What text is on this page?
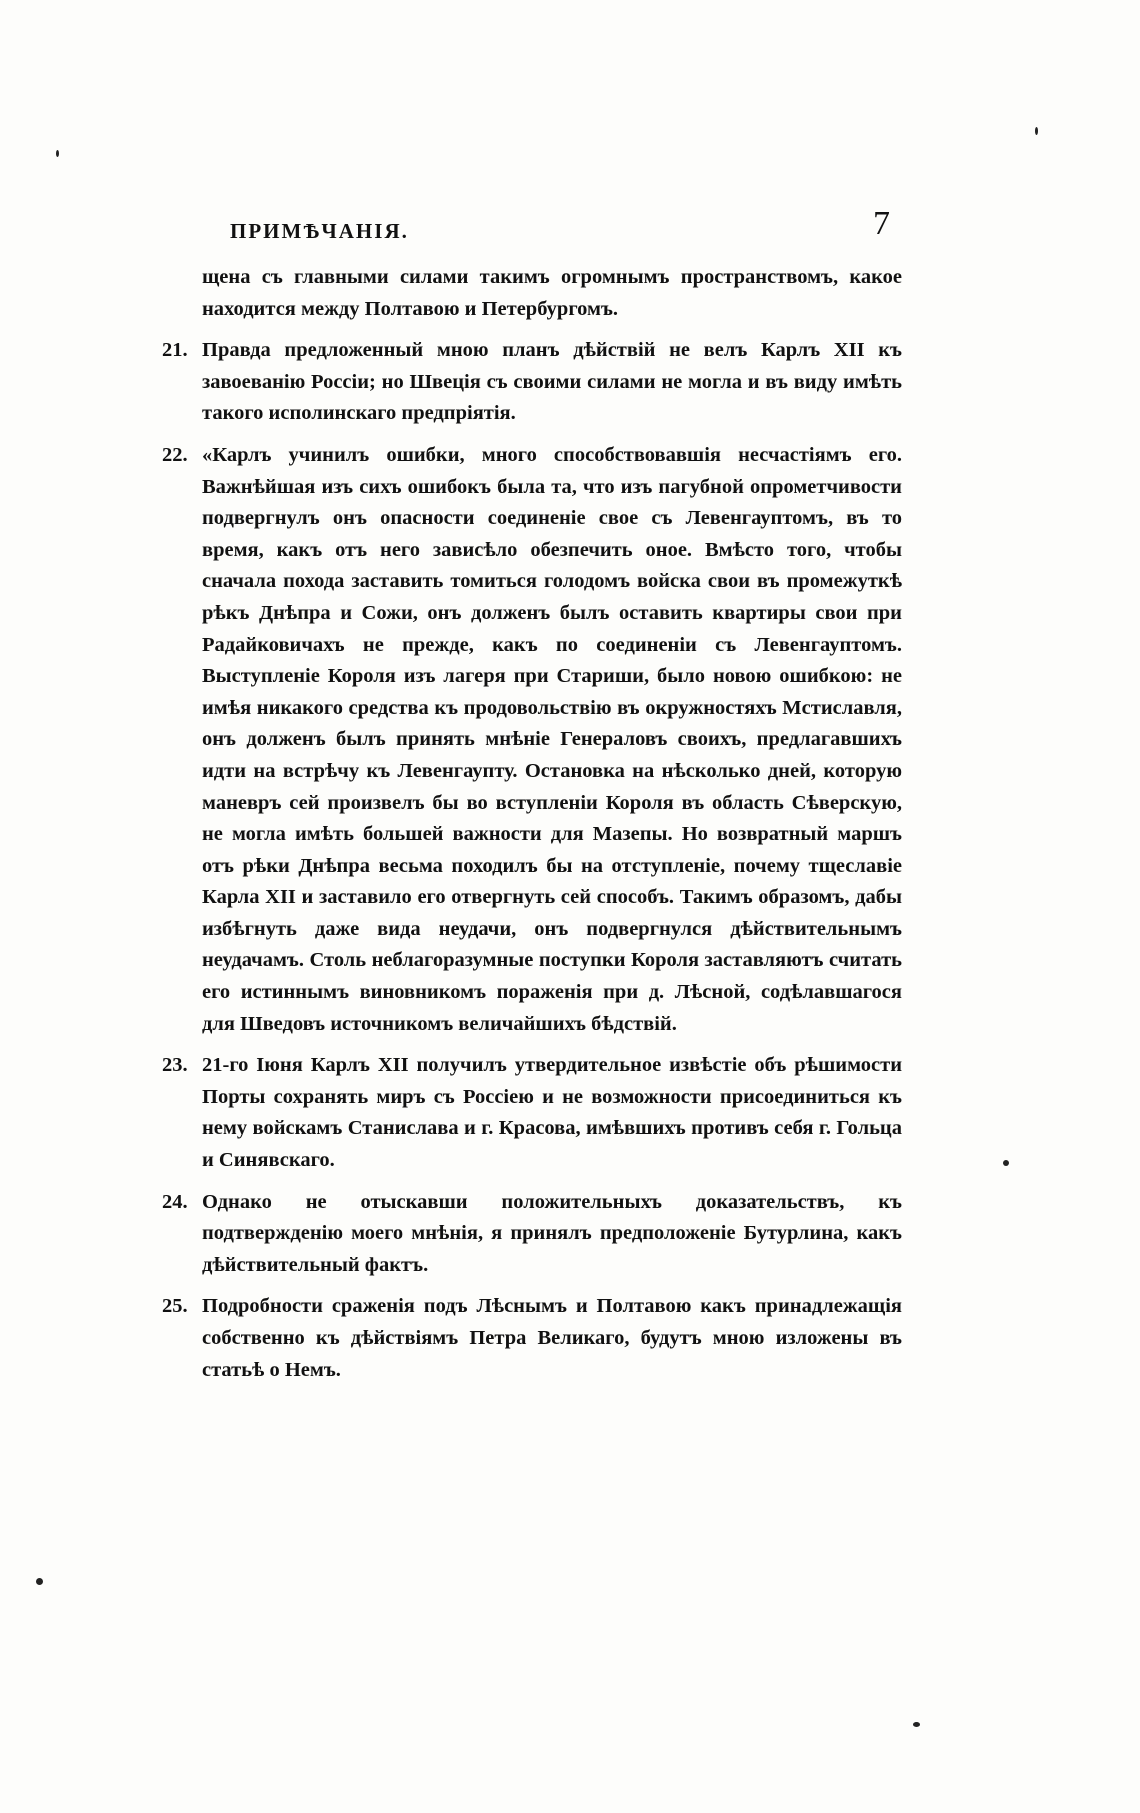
ПРИМѢЧАНІЯ.	7

щена съ главными силами такимъ огромнымъ пространствомъ, какое находится между Полтавою и Петербургомъ.

21. Правда предложенный мною планъ дѣйствій не велъ Карлъ XII къ завоеванію Россіи; но Швеція съ своими силами не могла и въ виду имѣть такого исполинскаго предпріятія.

22. «Карлъ учинилъ ошибки, много способствовавшія несчастіямъ его. Важнѣйшая изъ сихъ ошибокъ была та, что изъ пагубной опрометчивости подвергнулъ онъ опасности соединеніе свое съ Левенгауптомъ, въ то время, какъ отъ него зависѣло обезпечить оное. Вмѣсто того, чтобы сначала похода заставить томиться голодомъ войска свои въ промежуткѣ рѣкъ Днѣпра и Сожи, онъ долженъ былъ оставить квартиры свои при Радайковичахъ не прежде, какъ по соединеніи съ Левенгауптомъ. Выступленіе Короля изъ лагеря при Стариши, было новою ошибкою: не имѣя никакого средства къ продовольствію въ окружностяхъ Мстиславля, онъ долженъ былъ принять мнѣніе Генераловъ своихъ, предлагавшихъ идти на встрѣчу къ Левенгаупту. Остановка на нѣсколько дней, которую маневръ сей произвелъ бы во вступленіи Короля въ область Сѣверскую, не могла имѣть большей важности для Мазепы. Но возвратный маршъ отъ рѣки Днѣпра весьма походилъ бы на отступленіе, почему тщеславіе Карла XII и заставило его отвергнуть сей способъ. Такимъ образомъ, дабы избѣгнуть даже вида неудачи, онъ подвергнулся дѣйствительнымъ неудачамъ. Столь неблагоразумные поступки Короля заставляютъ считать его истиннымъ виновникомъ пораженія при д. Лѣсной, содѣлавшагося для Шведовъ источникомъ величайшихъ бѣдствій.

23. 21-го Іюня Карлъ XII получилъ утвердительное извѣстіе объ рѣшимости Порты сохранять миръ съ Россіею и не возможности присоединиться къ нему войскамъ Станислава и г. Красова, имѣвшихъ противъ себя г. Гольца и Синявскаго.

24. Однако не отыскавши положительныхъ доказательствъ, къ подтвержденію моего мнѣнія, я принялъ предположеніе Бутурлина, какъ дѣйствительный фактъ.

25. Подробности сраженія подъ Лѣснымъ и Полтавою какъ принадлежащія собственно къ дѣйствіямъ Петра Великаго, будутъ мною изложены въ статьѣ о Немъ.
